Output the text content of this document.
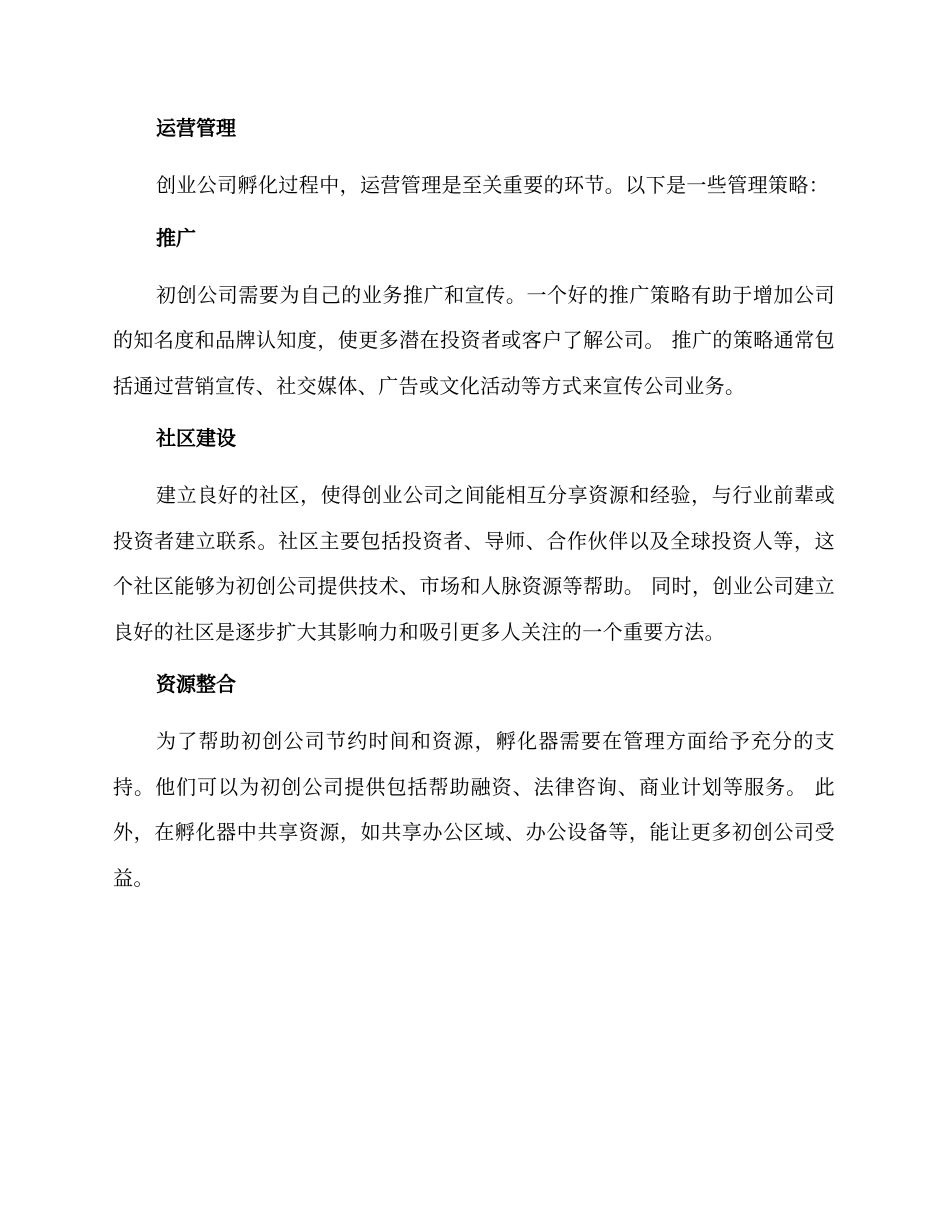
运营管理

创业公司孵化过程中，运营管理是至关重要的环节。以下是一些管理策略：

推广

初创公司需要为自己的业务推广和宣传。一个好的推广策略有助于增加公司的知名度和品牌认知度，使更多潜在投资者或客户了解公司。 推广的策略通常包括通过营销宣传、社交媒体、广告或文化活动等方式来宣传公司业务。

社区建设

建立良好的社区，使得创业公司之间能相互分享资源和经验，与行业前辈或投资者建立联系。社区主要包括投资者、导师、合作伙伴以及全球投资人等，这个社区能够为初创公司提供技术、市场和人脉资源等帮助。 同时，创业公司建立良好的社区是逐步扩大其影响力和吸引更多人关注的一个重要方法。

资源整合

为了帮助初创公司节约时间和资源，孵化器需要在管理方面给予充分的支持。他们可以为初创公司提供包括帮助融资、法律咨询、商业计划等服务。 此外，在孵化器中共享资源，如共享办公区域、办公设备等，能让更多初创公司受益。
